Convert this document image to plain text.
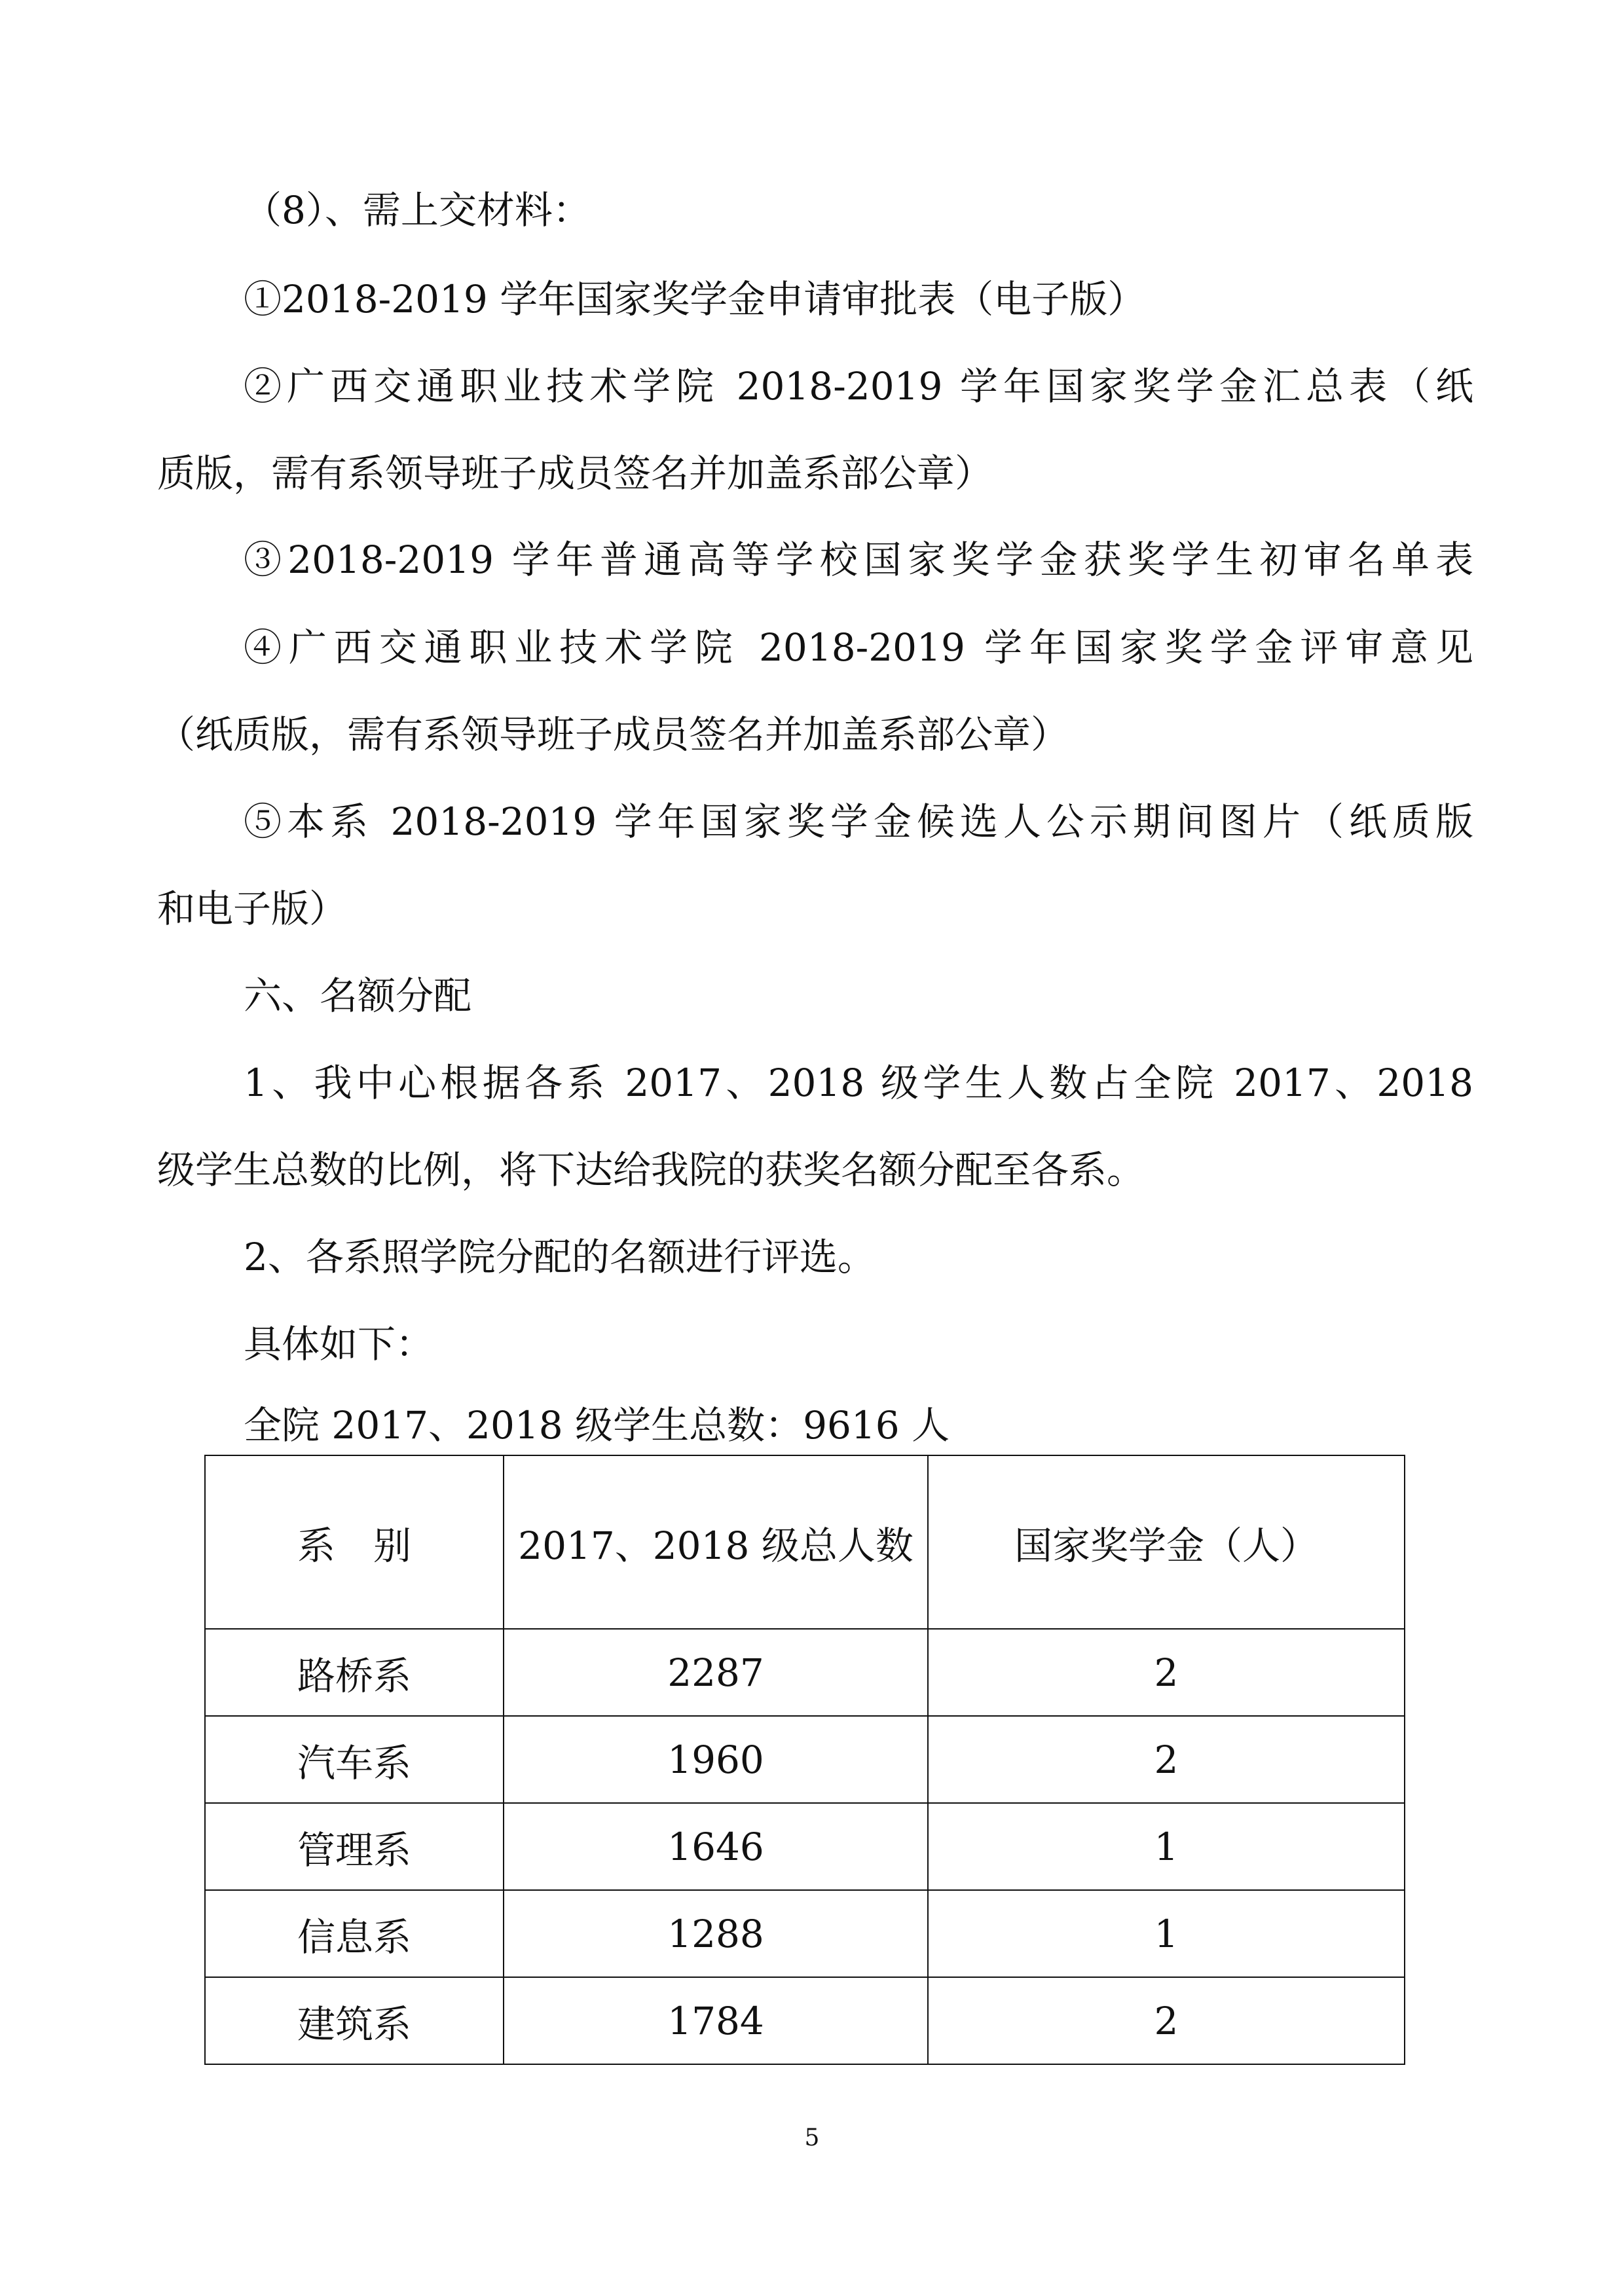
（8）、需上交材料：

①2018-2019 学年国家奖学金申请审批表（电子版）

②广西交通职业技术学院 2018-2019 学年国家奖学金汇总表（纸

质版，需有系领导班子成员签名并加盖系部公章）

③2018-2019 学年普通高等学校国家奖学金获奖学生初审名单表

④广西交通职业技术学院 2018-2019 学年国家奖学金评审意见

（纸质版，需有系领导班子成员签名并加盖系部公章）

⑤本系 2018-2019 学年国家奖学金候选人公示期间图片（纸质版

和电子版）

六、名额分配

1、我中心根据各系 2017、2018 级学生人数占全院 2017、2018

级学生总数的比例，将下达给我院的获奖名额分配至各系。

2、各系照学院分配的名额进行评选。

具体如下：

全院 2017、2018 级学生总数：9616 人

系　别	2017、2018 级总人数	国家奖学金（人）
路桥系	2287	2
汽车系	1960	2
管理系	1646	1
信息系	1288	1
建筑系	1784	2
5
